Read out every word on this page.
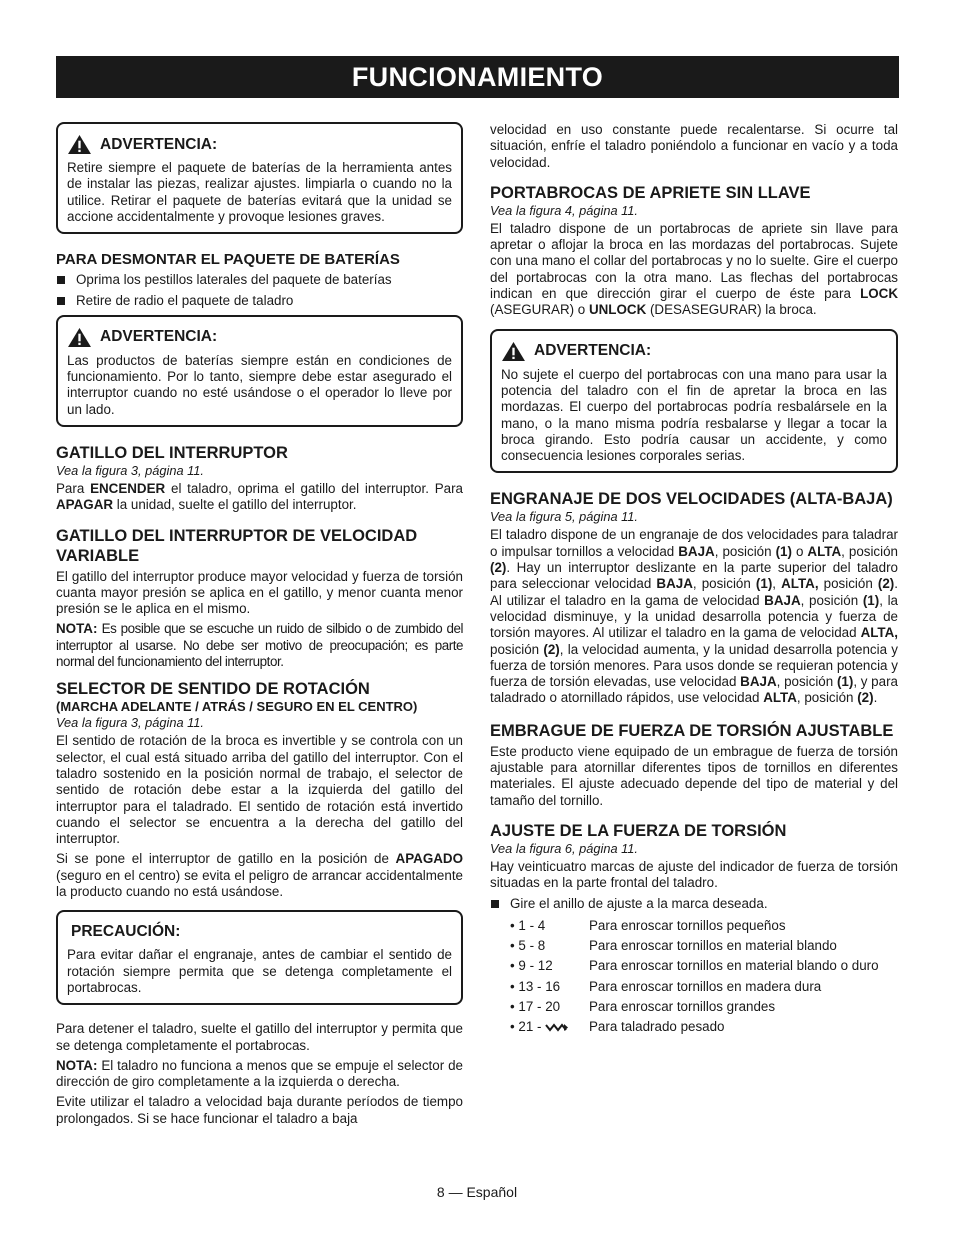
FUNCIONAMIENTO
ADVERTENCIA:

Retire siempre el paquete de baterías de la herramienta antes de instalar las piezas, realizar ajustes. limpiarla o cuando no la utilice. Retirar el paquete de baterías evitará que la unidad se accione accidentalmente y provoque lesiones graves.

PARA DESMONTAR EL PAQUETE DE BATERÍAS
Oprima los pestillos laterales del paquete de baterías
Retire de radio el paquete de taladro
ADVERTENCIA:

Las productos de baterías siempre están en condiciones de funcionamiento. Por lo tanto, siempre debe estar asegurado el interruptor cuando no esté usándose o el operador lo lleve por un lado.

GATILLO DEL INTERRUPTOR
Vea la figura 3, página 11.

Para ENCENDER el taladro, oprima el gatillo del interruptor. Para APAGAR la unidad, suelte el gatillo del interruptor.

GATILLO DEL INTERRUPTOR DE VELOCIDAD VARIABLE

El gatillo del interruptor produce mayor velocidad y fuerza de torsión cuanta mayor presión se aplica en el gatillo, y menor cuanta menor presión se le aplica en el mismo.

NOTA: Es posible que se escuche un ruido de silbido o de zumbido del interruptor al usarse. No debe ser motivo de preocupación; es parte normal del funcionamiento del interruptor.

SELECTOR DE SENTIDO DE ROTACIÓN
(MARCHA ADELANTE / ATRÁS / SEGURO EN EL CENTRO)
Vea la figura 3, página 11.

El sentido de rotación de la broca es invertible y se controla con un selector, el cual está situado arriba del gatillo del interruptor. Con el taladro sostenido en la posición normal de trabajo, el selector de sentido de rotación debe estar a la izquierda del gatillo del interruptor para el taladrado. El sentido de rotación está invertido cuando el selector se encuentra a la derecha del gatillo del interruptor.

Si se pone el interruptor de gatillo en la posición de APAGADO (seguro en el centro) se evita el peligro de arrancar accidentalmente la producto cuando no está usándose.

PRECAUCIÓN:

Para evitar dañar el engranaje, antes de cambiar el sentido de rotación siempre permita que se detenga completamente el portabrocas.

Para detener el taladro, suelte el gatillo del interruptor y permita que se detenga completamente el portabrocas.

NOTA: El taladro no funciona a menos que se empuje el selector de dirección de giro completamente a la izquierda o derecha.

Evite utilizar el taladro a velocidad baja durante períodos de tiempo prolongados. Si se hace funcionar el taladro a baja

velocidad en uso constante puede recalentarse. Si ocurre tal situación, enfríe el taladro poniéndolo a funcionar en vacío y a toda velocidad.

PORTABROCAS DE APRIETE SIN LLAVE
Vea la figura 4, página 11.

El taladro dispone de un portabrocas de apriete sin llave para apretar o aflojar la broca en las mordazas del portabrocas. Sujete con una mano el collar del portabrocas y no lo suelte. Gire el cuerpo del portabrocas con la otra mano. Las flechas del portabrocas indican en que dirección girar el cuerpo de éste para LOCK (ASEGURAR) o UNLOCK (DESASEGURAR) la broca.

ADVERTENCIA:

No sujete el cuerpo del portabrocas con una mano para usar la potencia del taladro con el fin de apretar la broca en las mordazas. El cuerpo del portabrocas podría resbalársele en la mano, o la mano misma podría resbalarse y llegar a tocar la broca girando. Esto podría causar un accidente, y como consecuencia lesiones corporales serias.

ENGRANAJE DE DOS VELOCIDADES (ALTA-BAJA)
Vea la figura 5, página 11.

El taladro dispone de un engranaje de dos velocidades para taladrar o impulsar tornillos a velocidad BAJA, posición (1) o ALTA, posición (2). Hay un interruptor deslizante en la parte superior del taladro para seleccionar velocidad BAJA, posición (1), ALTA, posición (2). Al utilizar el taladro en la gama de velocidad BAJA, posición (1), la velocidad disminuye, y la unidad desarrolla potencia y fuerza de torsión mayores. Al utilizar el taladro en la gama de velocidad ALTA, posición (2), la velocidad aumenta, y la unidad desarrolla potencia y fuerza de torsión menores. Para usos donde se requieran potencia y fuerza de torsión elevadas, use velocidad BAJA, posición (1), y para taladrado o atornillado rápidos, use velocidad ALTA, posición (2).

EMBRAGUE DE FUERZA DE TORSIÓN AJUSTABLE

Este producto viene equipado de un embrague de fuerza de torsión ajustable para atornillar diferentes tipos de tornillos en diferentes materiales. El ajuste adecuado depende del tipo de material y del tamaño del tornillo.

AJUSTE DE LA FUERZA DE TORSIÓN
Vea la figura 6, página 11.

Hay veinticuatro marcas de ajuste del indicador de fuerza de torsión situadas en la parte frontal del taladro.

Gire el anillo de ajuste a la marca deseada.
• 1 - 4	Para enroscar tornillos pequeños
• 5 - 8	Para enroscar tornillos en material blando
• 9 - 12	Para enroscar tornillos en material blando o duro
• 13 - 16	Para enroscar tornillos en madera dura
• 17 - 20	Para enroscar tornillos grandes
• 21 -	Para taladrado pesado
8 — Español
